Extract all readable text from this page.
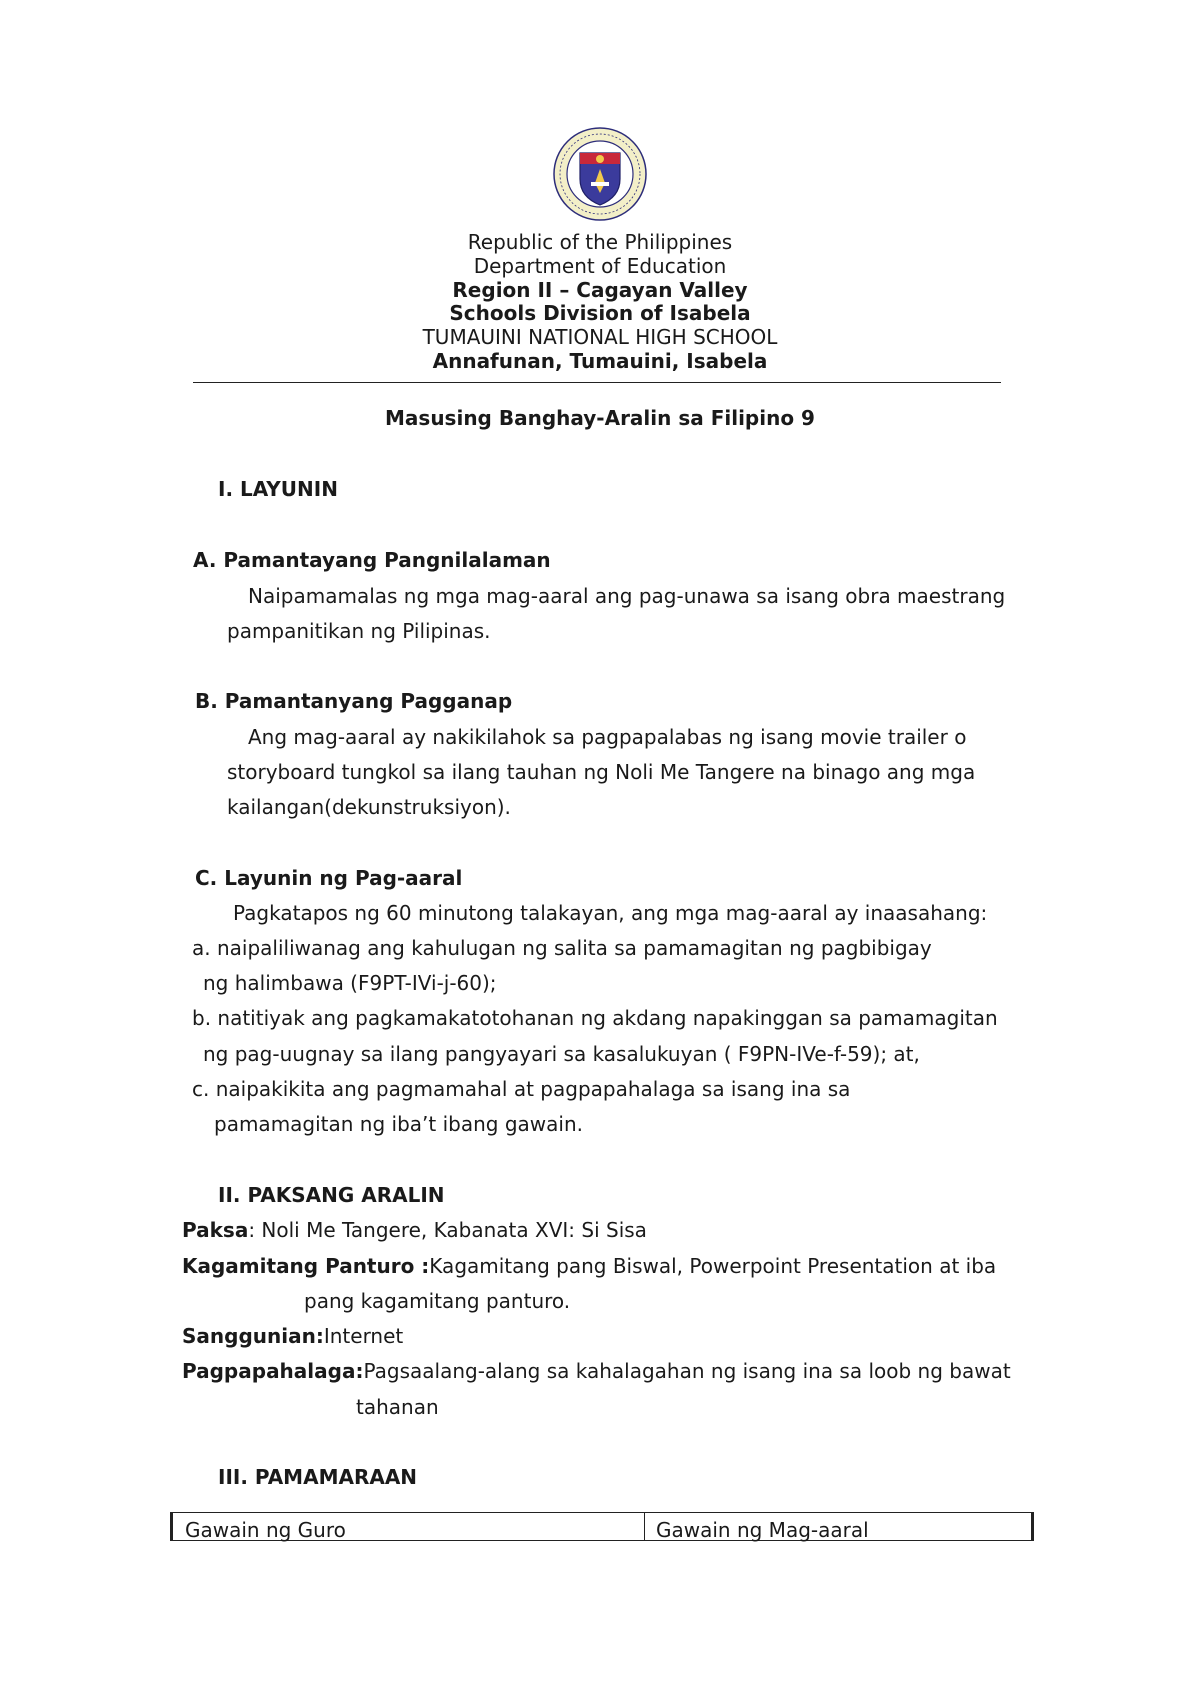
Republic of the Philippines
Department of Education
Region II – Cagayan Valley
Schools Division of Isabela
TUMAUINI NATIONAL HIGH SCHOOL
Annafunan, Tumauini, Isabela
Masusing Banghay-Aralin sa Filipino 9
I. LAYUNIN
A. Pamantayang Pangnilalaman
Naipamamalas ng mga mag-aaral ang pag-unawa sa isang obra maestrang
pampanitikan ng Pilipinas.
B. Pamantanyang Pagganap
Ang mag-aaral ay nakikilahok sa pagpapalabas ng isang movie trailer o
storyboard tungkol sa ilang tauhan ng Noli Me Tangere na binago ang mga
kailangan(dekunstruksiyon).
C. Layunin ng Pag-aaral
Pagkatapos ng 60 minutong talakayan, ang mga mag-aaral ay inaasahang:
a. naipaliliwanag ang kahulugan ng salita sa pamamagitan ng pagbibigay
ng halimbawa (F9PT-IVi-j-60);
b. natitiyak ang pagkamakatotohanan ng akdang napakinggan sa pamamagitan
ng pag-uugnay sa ilang pangyayari sa kasalukuyan ( F9PN-IVe-f-59); at,
c. naipakikita ang pagmamahal at pagpapahalaga sa isang ina sa
pamamagitan ng iba’t ibang gawain.
II. PAKSANG ARALIN
Paksa: Noli Me Tangere, Kabanata XVI: Si Sisa
Kagamitang Panturo :Kagamitang pang Biswal, Powerpoint Presentation at iba
pang kagamitang panturo.
Sanggunian:Internet
Pagpapahalaga:Pagsaalang-alang sa kahalagahan ng isang ina sa loob ng bawat
tahanan
III. PAMAMARAAN
Gawain ng Guro	Gawain ng Mag-aaral
